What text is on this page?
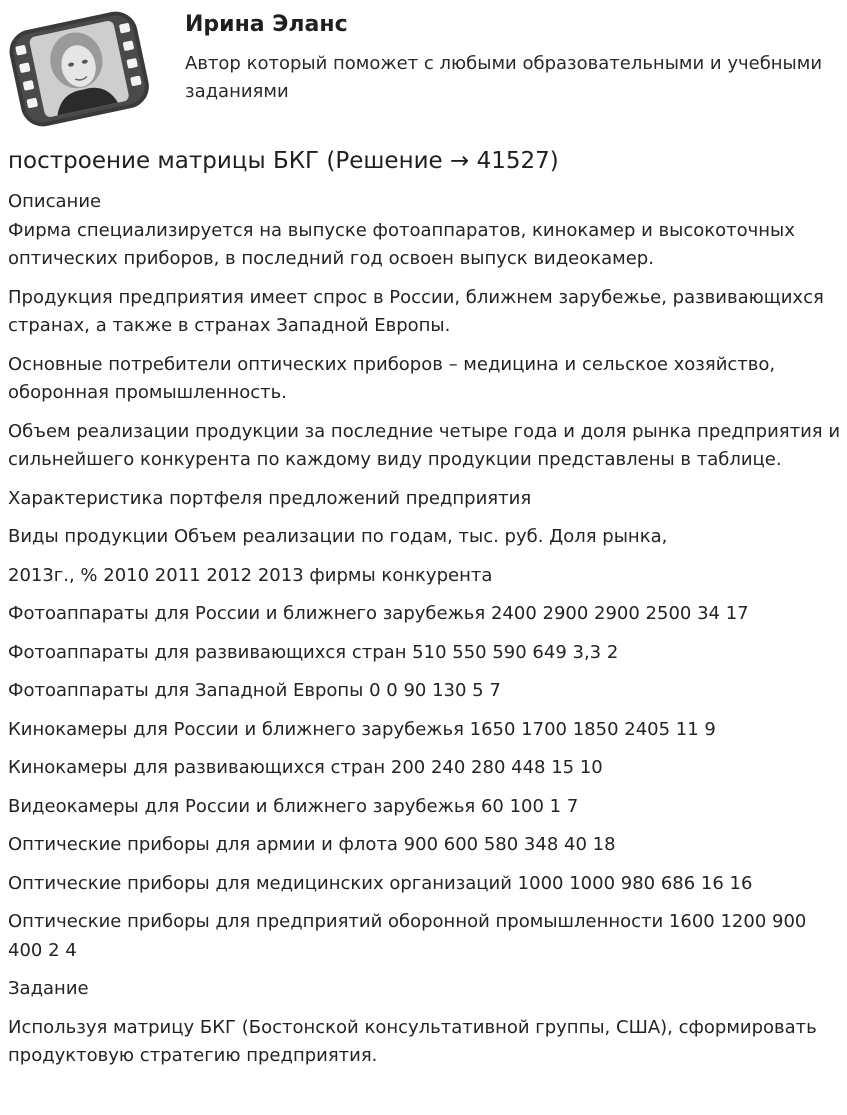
Ирина Эланс
Автор который поможет с любыми образовательными и учебными заданиями
построение матрицы БКГ (Решение → 41527)

Описание

Фирма специализируется на выпуске фотоаппаратов, кинокамер и высокоточных оптических приборов, в последний год освоен выпуск видеокамер.

Продукция предприятия имеет спрос в России, ближнем зарубежье, развивающихся странах, а также в странах Западной Европы.

Основные потребители оптических приборов – медицина и сельское хозяйство, оборонная промышленность.

Объем реализации продукции за последние четыре года и доля рынка предприятия и сильнейшего конкурента по каждому виду продукции представлены в таблице.

Характеристика портфеля предложений предприятия

Виды продукции Объем реализации по годам, тыс. руб. Доля рынка,

2013г., % 2010 2011 2012 2013 фирмы конкурента

Фотоаппараты для России и ближнего зарубежья 2400 2900 2900 2500 34 17

Фотоаппараты для развивающихся стран 510 550 590 649 3,3 2

Фотоаппараты для Западной Европы 0 0 90 130 5 7

Кинокамеры для России и ближнего зарубежья 1650 1700 1850 2405 11 9

Кинокамеры для развивающихся стран 200 240 280 448 15 10

Видеокамеры для России и ближнего зарубежья 60 100 1 7

Оптические приборы для армии и флота 900 600 580 348 40 18

Оптические приборы для медицинских организаций 1000 1000 980 686 16 16

Оптические приборы для предприятий оборонной промышленности 1600 1200 900 400 2 4

Задание

Используя матрицу БКГ (Бостонской консультативной группы, США), сформировать продуктовую стратегию предприятия.
